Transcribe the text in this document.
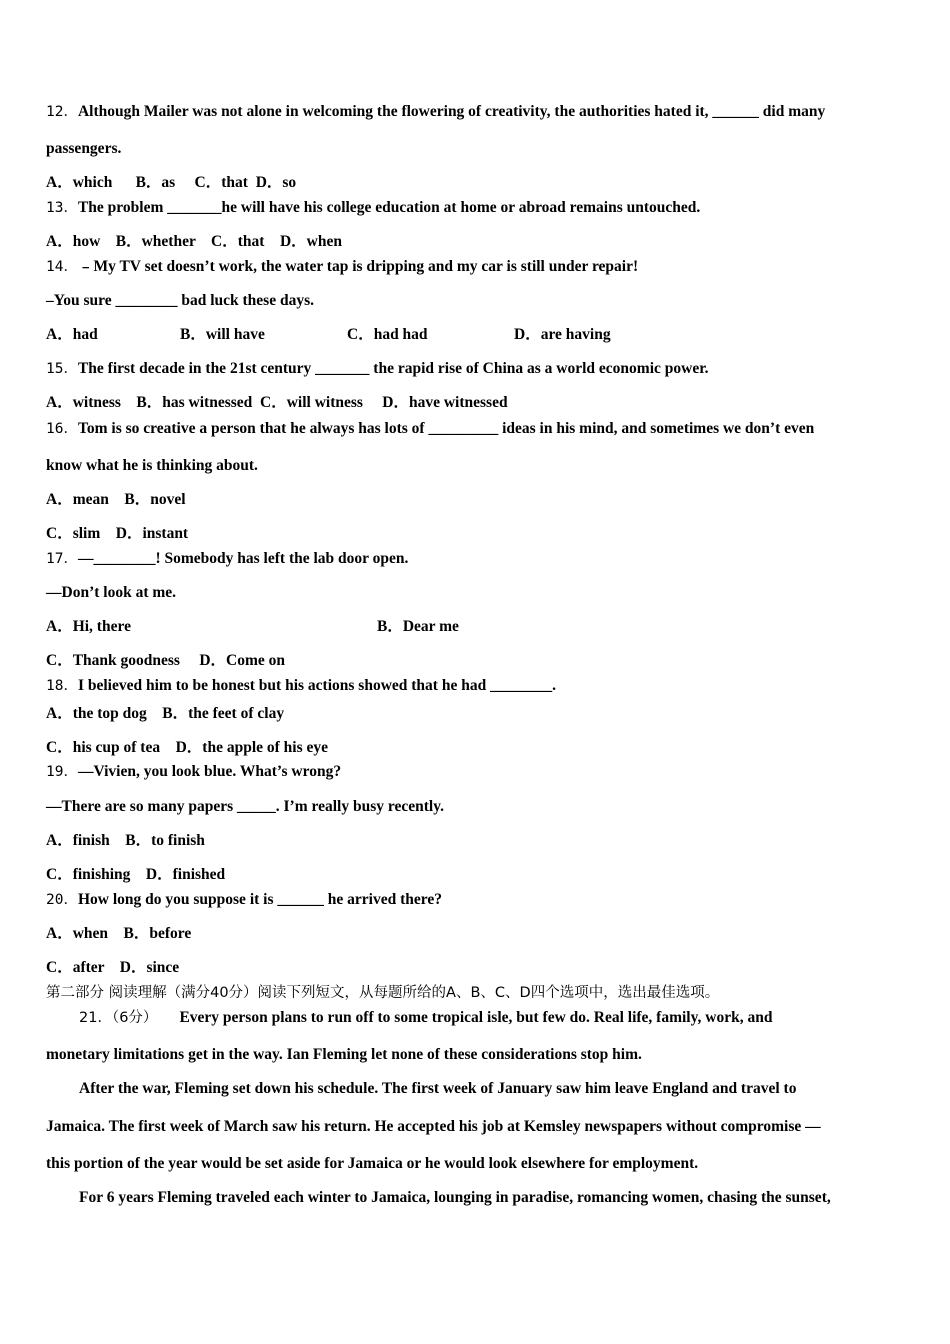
12．Although Mailer was not alone in welcoming the flowering of creativity, the authorities hated it, ______ did many
passengers.
A．which      B．as     C．that  D．so
13．The problem _______he will have his college education at home or abroad remains untouched.
A．how    B．whether    C．that    D．when
14．﹣My TV set doesn’t work, the water tap is dripping and my car is still under repair!
–You sure ________ bad luck these days.
A．had	B．will have	C．had had	D．are having
15．The first decade in the 21st century _______ the rapid rise of China as a world economic power.
A．witness    B．has witnessed  C．will witness     D．have witnessed
16．Tom is so creative a person that he always has lots of _________ ideas in his mind, and sometimes we don’t even
know what he is thinking about.
A．mean    B．novel
C．slim    D．instant
17．—________! Somebody has left the lab door open.
—Don’t look at me.
A．Hi, there	B．Dear me
C．Thank goodness     D．Come on
18．I believed him to be honest but his actions showed that he had ________.
A．the top dog    B．the feet of clay
C．his cup of tea    D．the apple of his eye
19．—Vivien, you look blue. What’s wrong?
—There are so many papers _____. I’m really busy recently.
A．finish    B．to finish
C．finishing    D．finished
20．How long do you suppose it is ______ he arrived there?
A．when    B．before
C．after    D．since
第二部分 阅读理解（满分40分）阅读下列短文，从每题所给的A、B、C、D四个选项中，选出最佳选项。
21．（6分） Every person plans to run off to some tropical isle, but few do. Real life, family, work, and
monetary limitations get in the way. Ian Fleming let none of these considerations stop him.
After the war, Fleming set down his schedule. The first week of January saw him leave England and travel to
Jamaica. The first week of March saw his return. He accepted his job at Kemsley newspapers without compromise —
this portion of the year would be set aside for Jamaica or he would look elsewhere for employment.
For 6 years Fleming traveled each winter to Jamaica, lounging in paradise, romancing women, chasing the sunset,
